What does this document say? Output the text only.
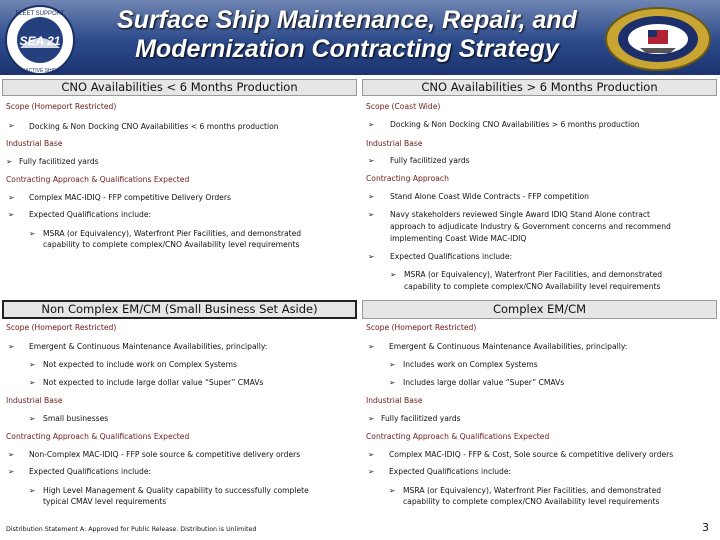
SEA 21
FLEET SUPPORT
INACTIVE SHIPS
Surface Ship Maintenance, Repair, and
Modernization Contracting Strategy
CNO Availabilities < 6 Months Production
Scope (Homeport Restricted)
➢ Docking & Non Docking CNO Availabilities < 6 months production
Industrial Base
➢ Fully facilitized yards
Contracting Approach & Qualifications Expected
➢ Complex MAC-IDIQ - FFP competitive Delivery Orders
➢ Expected Qualifications include:
➢ MSRA (or Equivalency), Waterfront Pier Facilities, and demonstrated
capability to complete complex/CNO Availability level requirements
CNO Availabilities > 6 Months Production
Scope (Coast Wide)
➢ Docking & Non Docking CNO Availabilities > 6 months production
Industrial Base
➢ Fully facilitized yards
Contracting Approach
➢ Stand Alone Coast Wide Contracts - FFP competition
➢ Navy stakeholders reviewed Single Award IDIQ Stand Alone contract
approach to adjudicate Industry & Government concerns and recommend
implementing Coast Wide MAC-IDIQ
➢ Expected Qualifications include:
➢ MSRA (or Equivalency), Waterfront Pier Facilities, and demonstrated
capability to complete complex/CNO Availability level requirements
Non Complex EM/CM (Small Business Set Aside)
Scope (Homeport Restricted)
➢ Emergent & Continuous Maintenance Availabilities, principally:
➢ Not expected to include work on Complex Systems
➢ Not expected to include large dollar value “Super” CMAVs
Industrial Base
➢ Small businesses
Contracting Approach & Qualifications Expected
➢ Non-Complex MAC-IDIQ - FFP sole source & competitive delivery orders
➢ Expected Qualifications include:
➢ High Level Management & Quality capability to successfully complete
typical CMAV level requirements
Complex EM/CM
Scope (Homeport Restricted)
➢ Emergent & Continuous Maintenance Availabilities, principally:
➢ Includes work on Complex Systems
➢ Includes large dollar value “Super” CMAVs
Industrial Base
➢ Fully facilitized yards
Contracting Approach & Qualifications Expected
➢ Complex MAC-IDIQ - FFP & Cost, Sole source & competitive delivery orders
➢ Expected Qualifications include:
➢ MSRA (or Equivalency), Waterfront Pier Facilities, and demonstrated
capability to complete complex/CNO Availability level requirements
Distribution Statement A: Approved for Public Release. Distribution is Unlimited	3
